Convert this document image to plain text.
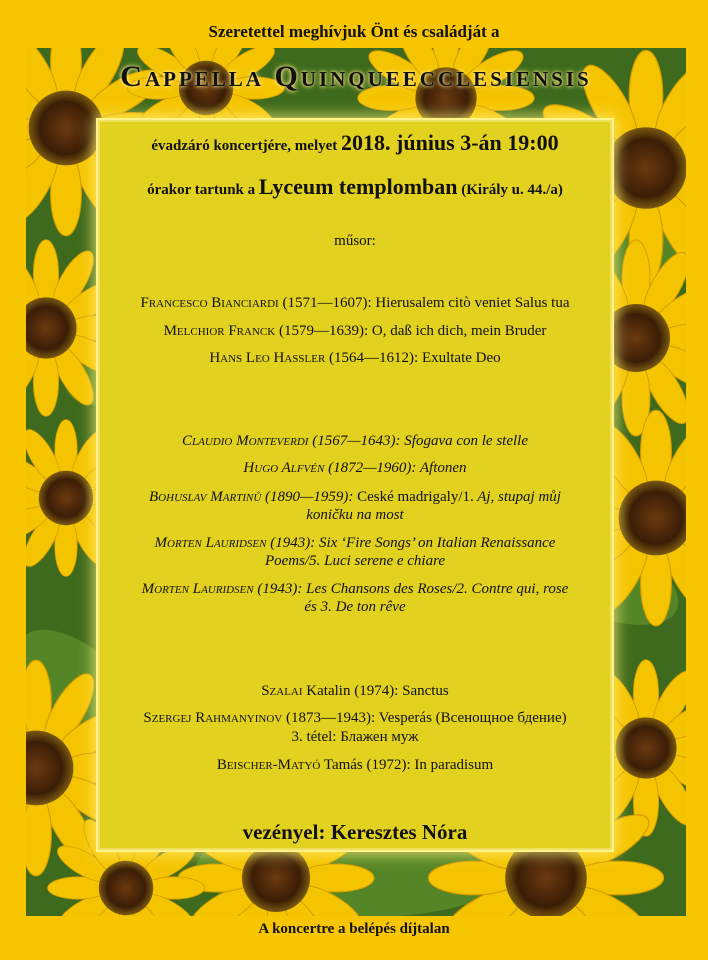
Szeretettel meghívjuk Önt és családját a
Cappella Quinqueecclesiensis
évadzáró koncertjére, melyet 2018. június 3-án 19:00
órakor tartunk a Lyceum templomban (Király u. 44./a)
műsor:
Francesco Bianciardi (1571—1607): Hierusalem citò veniet Salus tua
Melchior Franck (1579—1639): O, daß ich dich, mein Bruder
Hans Leo Haßler (1564—1612): Exultate Deo
Claudio Monteverdi (1567—1643): Sfogava con le stelle
Hugo Alfvén (1872—1960): Aftonen
Bohuslav Martinů (1890—1959): Ceské madrigaly/1. Aj, stupaj můj
koničku na most
Morten Lauridsen (1943): Six ‘Fire Songs’ on Italian Renaissance
Poems/5. Luci serene e chiare
Morten Lauridsen (1943): Les Chansons des Roses/2. Contre qui, rose
és 3. De ton rêve
Szalai Katalin (1974): Sanctus
Szergej Rahmanyinov (1873—1943): Vesperás (Всенощное бдение)
3. tétel: Блажен муж
Beischer-Matyó Tamás (1972): In paradisum
vezényel: Keresztes Nóra
A koncertre a belépés díjtalan
